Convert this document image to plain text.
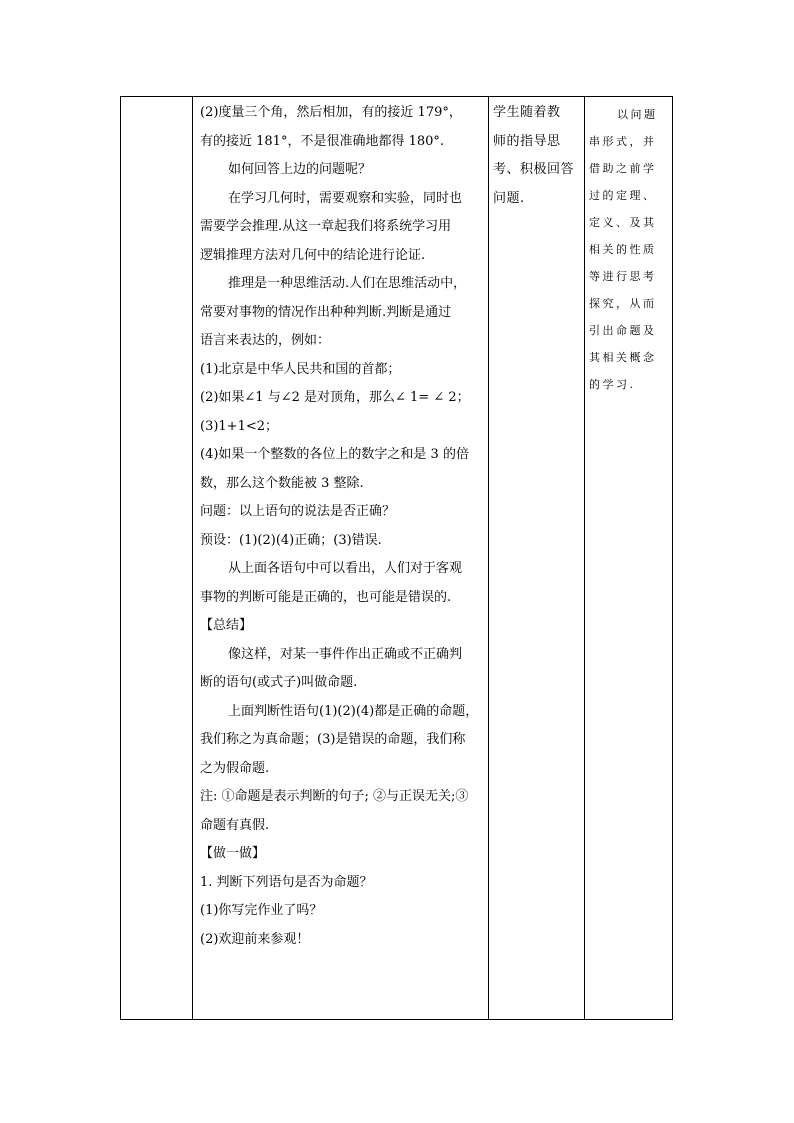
(2)度量三个角，然后相加，有的接近 179°，

有的接近 181°，不是很准确地都得 180°.

如何回答上边的问题呢？

在学习几何时，需要观察和实验，同时也

需要学会推理.从这一章起我们将系统学习用

逻辑推理方法对几何中的结论进行论证.

推理是一种思维活动.人们在思维活动中，

常要对事物的情况作出种种判断.判断是通过

语言来表达的，例如：

(1)北京是中华人民共和国的首都；

(2)如果∠1 与∠2 是对顶角，那么∠ 1= ∠ 2；

(3)1+1<2；

(4)如果一个整数的各位上的数字之和是 3 的倍

数，那么这个数能被 3 整除.

问题：以上语句的说法是否正确？

预设：(1)(2)(4)正确；(3)错误.

从上面各语句中可以看出，人们对于客观

事物的判断可能是正确的，也可能是错误的.

【总结】

像这样，对某一事件作出正确或不正确判

断的语句(或式子)叫做命题.

上面判断性语句(1)(2)(4)都是正确的命题，

我们称之为真命题；(3)是错误的命题，我们称

之为假命题.

注: ①命题是表示判断的句子; ②与正误无关;③

命题有真假.

【做一做】

1. 判断下列语句是否为命题？

(1)你写完作业了吗？

(2)欢迎前来参观！

学生随着教
师的指导思
考、积极回答
问题.
以问题
串形式，并
借助之前学
过的定理、
定义、及其
相关的性质
等进行思考
探究，从而
引出命题及
其相关概念
的学习.
